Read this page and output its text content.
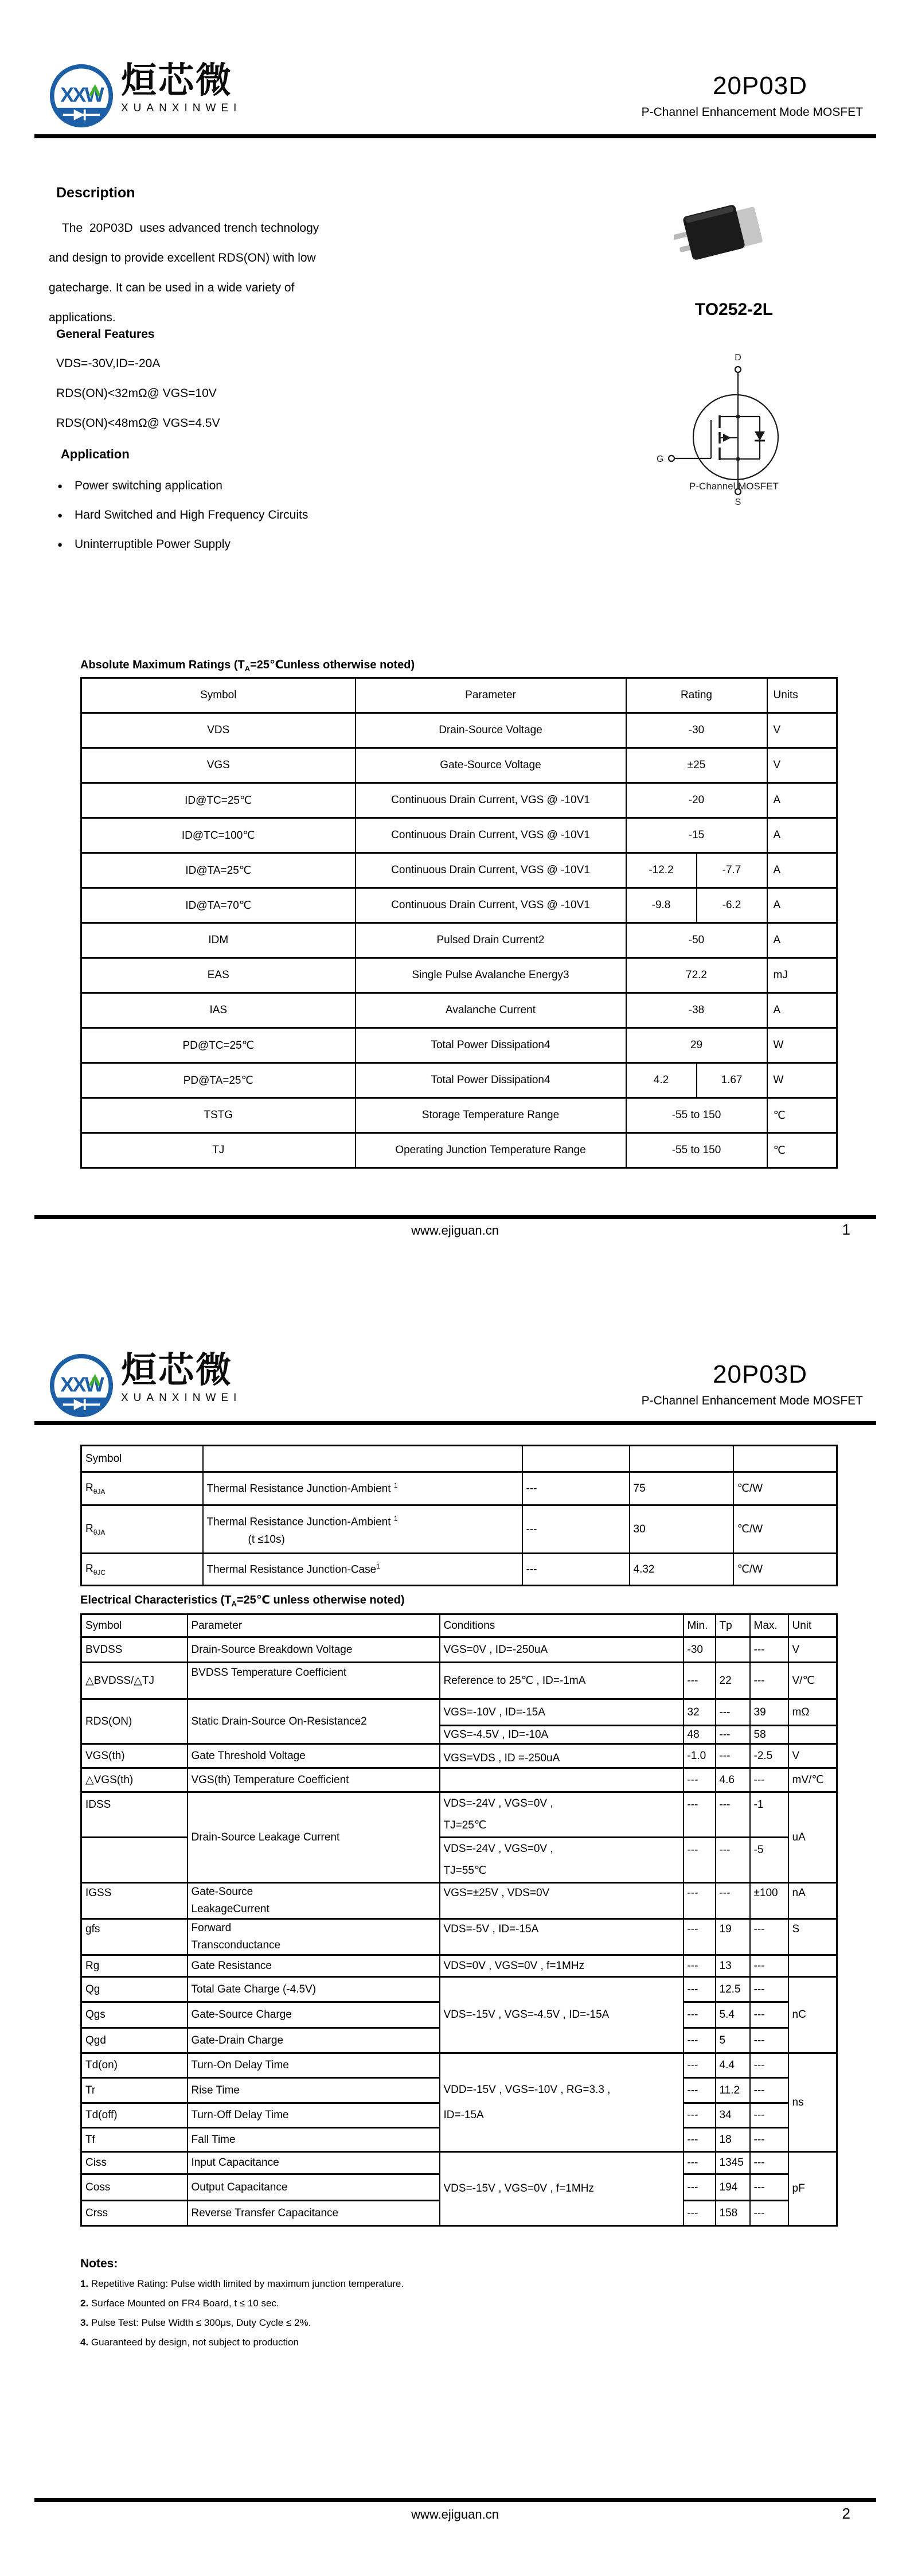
XXW 烜芯微
XUANXINWEI
20P03D
P-Channel Enhancement Mode MOSFET
Description
The  20P03D  uses advanced trench technology
and design to provide excellent RDS(ON) with low
gatecharge. It can be used in a wide variety of
applications.
General Features
VDS=-30V,ID=-20A
RDS(ON)<32mΩ@ VGS=10V
RDS(ON)<48mΩ@ VGS=4.5V
Application
● Power switching application
● Hard Switched and High Frequency Circuits
● Uninterruptible Power Supply
TO252-2L
D
G
S
P-Channel MOSFET
Absolute Maximum Ratings ($T_A=25℃unless$ otherwise noted)
Symbol	Parameter	Rating		Units
VDS	Drain-Source Voltage	-30		V
VGS	Gate-Source Voltage	±25		V
ID@TC=25℃	Continuous Drain Current, VGS @ -10V1	-20		A
ID@TC=100℃	Continuous Drain Current, VGS @ -10V1	-15		A
ID@TA=25℃	Continuous Drain Current, VGS @ -10V1	-12.2	-7.7	A
ID@TA=70℃	Continuous Drain Current, VGS @ -10V1	-9.8	-6.2	A
IDM	Pulsed Drain Current2	-50		A
EAS	Single Pulse Avalanche Energy3	72.2		mJ
IAS	Avalanche Current	-38		A
PD@TC=25℃	Total Power Dissipation4	29		W
PD@TA=25℃	Total Power Dissipation4	4.2	1.67	W
TSTG	Storage Temperature Range	-55 to 150		℃
TJ	Operating Junction Temperature Range	-55 to 150		℃
www.ejiguan.cn	1
XXW 烜芯微
XUANXINWEI
20P03D
P-Channel Enhancement Mode MOSFET
Symbol				
$R_{\theta JA}$	Thermal Resistance Junction-Ambient $^1$	---	75	℃/W
$R_{\theta JA}$	Thermal Resistance Junction-Ambient $^1$
(t ≤10s)	---	30	℃/W
$R_{\theta JC}$	Thermal Resistance Junction-Case$^1$	---	4.32	℃/W
Electrical Characteristics ($T_A=25℃$ unless otherwise noted)
Symbol	Parameter	Conditions	Min.	Tp	Max.	Unit
BVDSS	Drain-Source Breakdown Voltage	VGS=0V , ID=-250uA	-30		---	V
△BVDSS/△TJ	BVDSS Temperature Coefficient	Reference to 25℃ , ID=-1mA	---	22	---	V/℃
RDS(ON)	Static Drain-Source On-Resistance2	VGS=-10V , ID=-15A	32	---	39	mΩ
		VGS=-4.5V , ID=-10A	48	---	58	
VGS(th)	Gate Threshold Voltage	VGS=VDS , ID =-250uA	-1.0	---	-2.5	V
△VGS(th)	VGS(th) Temperature Coefficient		---	4.6	---	mV/℃
IDSS	Drain-Source Leakage Current	VDS=-24V , VGS=0V ,
TJ=25℃	---	---	-1	uA

		VDS=-24V , VGS=0V ,
TJ=55℃	---	---	-5	
IGSS	Gate-Source
LeakageCurrent	VGS=±25V , VDS=0V	---	---	±100	nA
gfs	Forward
Transconductance	VDS=-5V , ID=-15A	---	19	---	S
Rg	Gate Resistance	VDS=0V , VGS=0V , f=1MHz	---	13	---	
Qg	Total Gate Charge (-4.5V)	VDS=-15V , VGS=-4.5V , ID=-15A	---	12.5	---	nC
Qgs	Gate-Source Charge		---	5.4	---	
Qgd	Gate-Drain Charge		---	5	---	
Td(on)	Turn-On Delay Time	VDD=-15V , VGS=-10V , RG=3.3 ,
ID=-15A	---	4.4	---	ns
Tr	Rise Time		---	11.2	---	
Td(off)	Turn-Off Delay Time		---	34	---	
Tf	Fall Time		---	18	---	
Ciss	Input Capacitance	VDS=-15V , VGS=0V , f=1MHz	---	1345	---	pF
Coss	Output Capacitance		---	194	---	
Crss	Reverse Transfer Capacitance		---	158	---	
Notes:
1. Repetitive Rating: Pulse width limited by maximum junction temperature.
2. Surface Mounted on FR4 Board, t ≤ 10 sec.
3. Pulse Test: Pulse Width ≤ 300μs, Duty Cycle ≤ 2%.
4. Guaranteed by design, not subject to production
www.ejiguan.cn	2
